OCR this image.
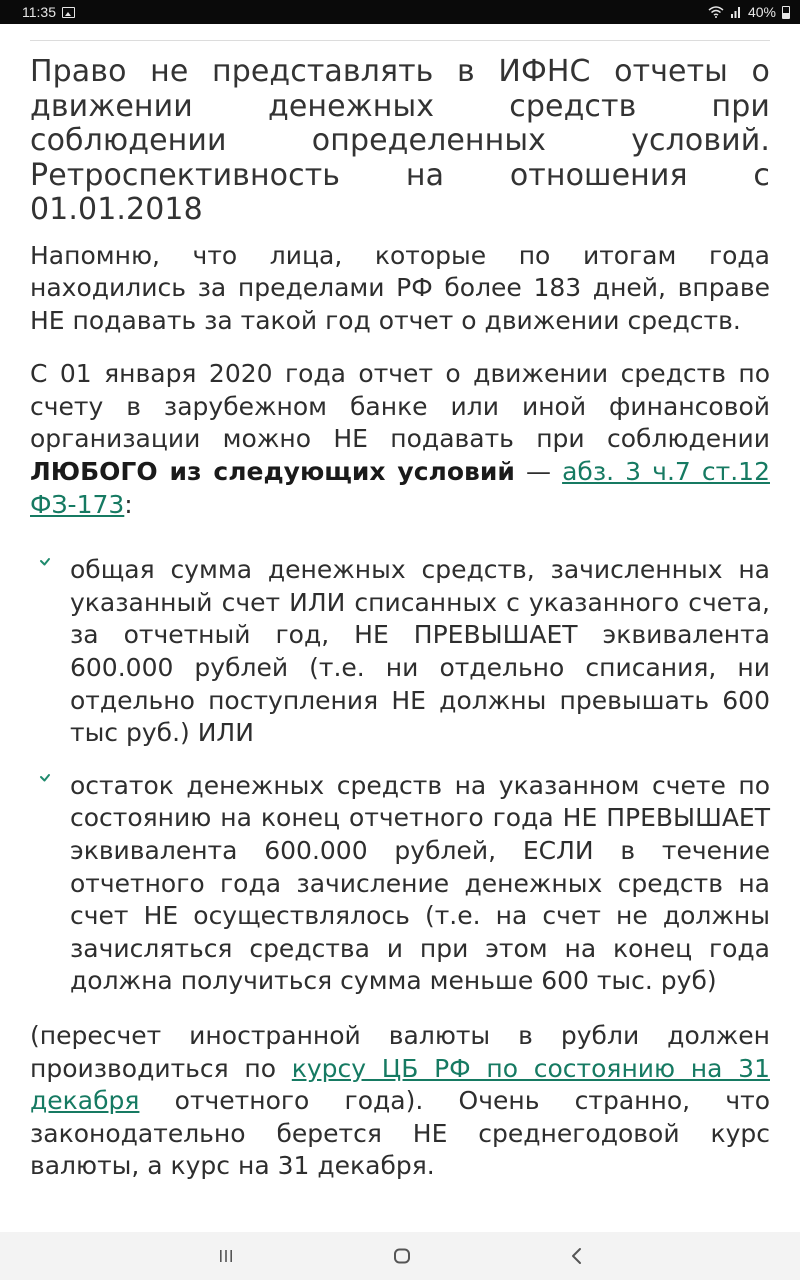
11:35	40%
Право не представлять в ИФНС отчеты о движении денежных средств при соблюдении определенных условий. Ретроспективность на отношения с 01.01.2018

Напомню, что лица, которые по итогам года находились за пределами РФ более 183 дней, вправе НЕ подавать за такой год отчет о движении средств.

С 01 января 2020 года отчет о движении средств по счету в зарубежном банке или иной финансовой организации можно НЕ подавать при соблюдении ЛЮБОГО из следующих условий — абз. 3 ч.7 ст.12 ФЗ-173:

общая сумма денежных средств, зачисленных на указанный счет ИЛИ списанных с указанного счета, за отчетный год, НЕ ПРЕВЫШАЕТ эквивалента 600.000 рублей (т.е. ни отдельно списания, ни отдельно поступления НЕ должны превышать 600 тыс руб.) ИЛИ
остаток денежных средств на указанном счете по состоянию на конец отчетного года НЕ ПРЕВЫШАЕТ эквивалента 600.000 рублей, ЕСЛИ в течение отчетного года зачисление денежных средств на счет НЕ осуществлялось (т.е. на счет не должны зачисляться средства и при этом на конец года должна получиться сумма меньше 600 тыс. руб)

(пересчет иностранной валюты в рубли должен производиться по курсу ЦБ РФ по состоянию на 31 декабря отчетного года). Очень странно, что законодательно берется НЕ среднегодовой курс валюты, а курс на 31 декабря.
